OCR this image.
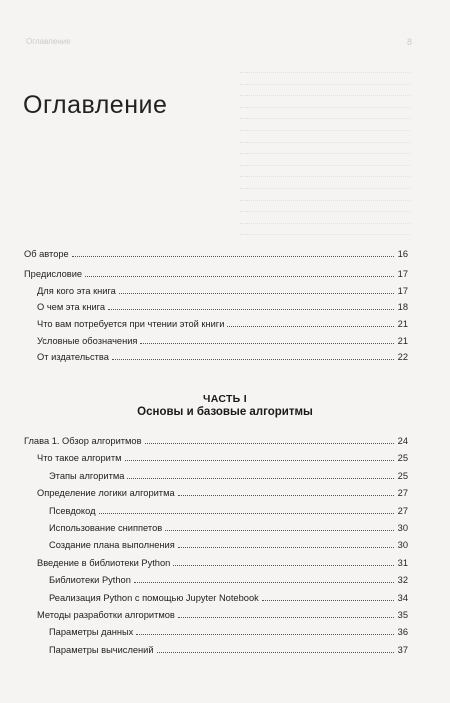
Оглавление	8
Оглавление
Об авторе	16
Предисловие	17
Для кого эта книга	17
О чем эта книга	18
Что вам потребуется при чтении этой книги	21
Условные обозначения	21
От издательства	22
ЧАСТЬ I
Основы и базовые алгоритмы
Глава 1. Обзор алгоритмов	24
Что такое алгоритм	25
Этапы алгоритма	25
Определение логики алгоритма	27
Псевдокод	27
Использование сниппетов	30
Создание плана выполнения	30
Введение в библиотеки Python	31
Библиотеки Python	32
Реализация Python с помощью Jupyter Notebook	34
Методы разработки алгоритмов	35
Параметры данных	36
Параметры вычислений	37
